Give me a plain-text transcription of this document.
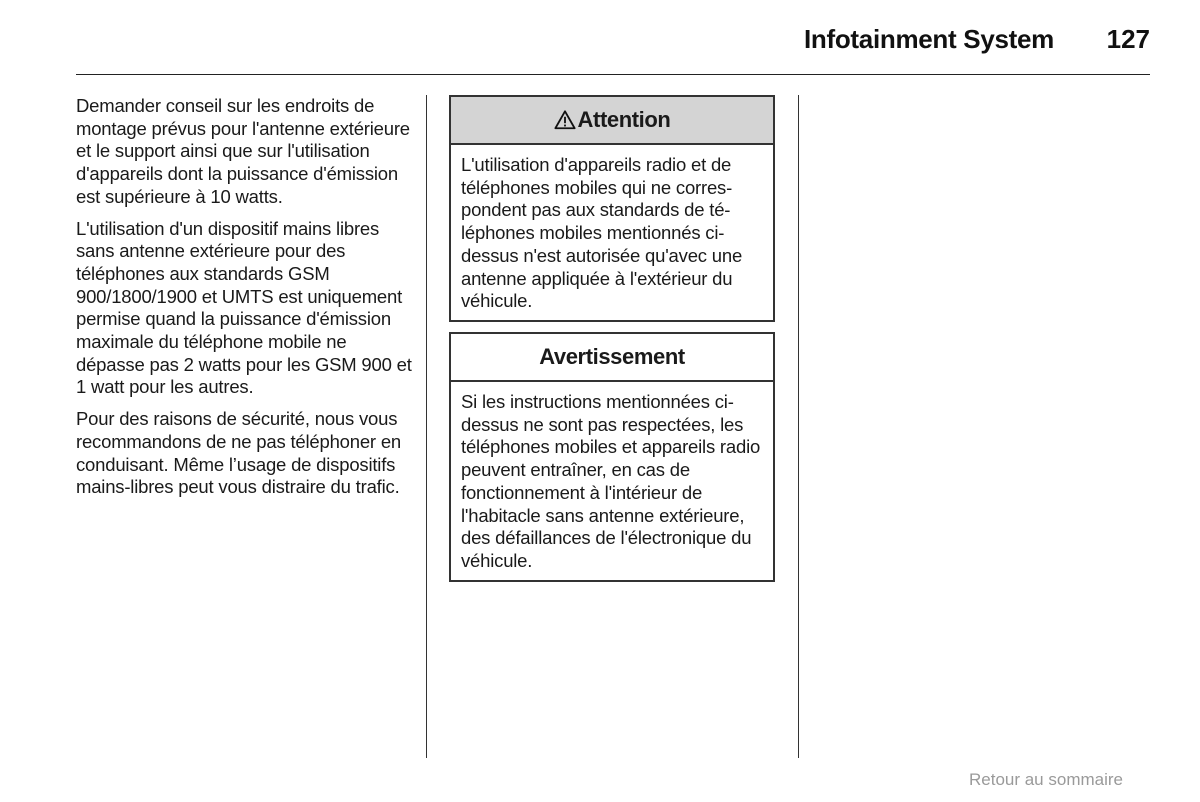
Infotainment System 127

Demander conseil sur les endroits de montage prévus pour l'antenne extérieure et le support ainsi que sur l'utilisation d'appareils dont la puissance d'émission est supérieure à 10 watts.

L'utilisation d'un dispositif mains libres sans antenne extérieure pour des téléphones aux standards GSM 900/1800/1900 et UMTS est uniquement permise quand la puissance d'émission maximale du téléphone mobile ne dépasse pas 2 watts pour les GSM 900 et 1 watt pour les autres.

Pour des raisons de sécurité, nous vous recommandons de ne pas téléphoner en conduisant. Même l’usage de dispositifs mains-libres peut vous distraire du trafic.

Attention
L'utilisation d'appareils radio et de téléphones mobiles qui ne correspondent pas aux standards de téléphones mobiles mentionnés ci-dessus n'est autorisée qu'avec une antenne appliquée à l'extérieur du véhicule.
Avertissement
Si les instructions mentionnées ci-dessus ne sont pas respectées, les téléphones mobiles et appareils radio peuvent entraîner, en cas de fonctionnement à l'intérieur de l'habitacle sans antenne extérieure, des défaillances de l'électronique du véhicule.
Retour au sommaire
